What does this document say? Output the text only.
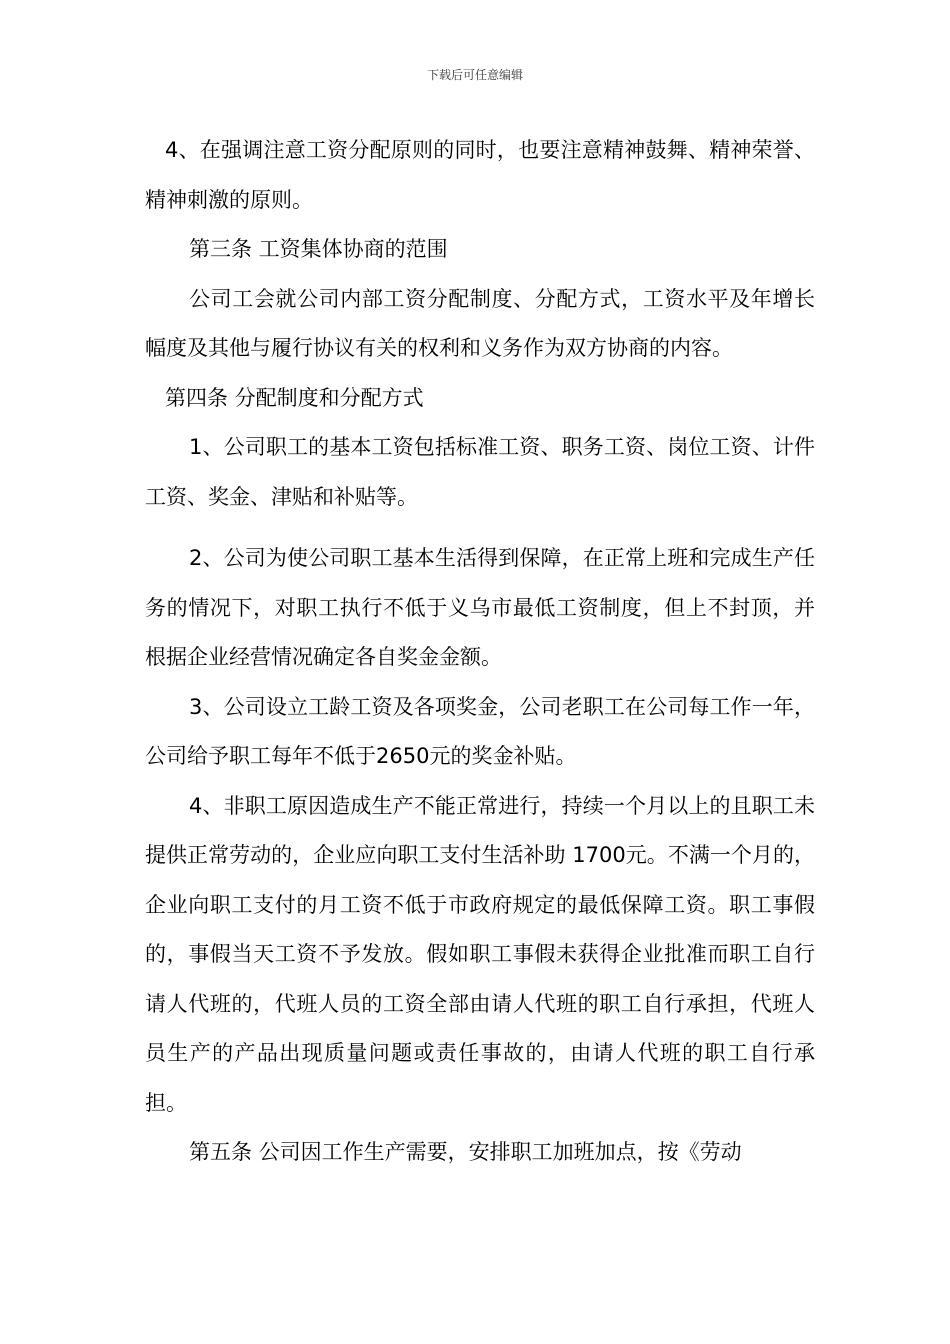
下载后可任意编辑

4、在强调注意工资分配原则的同时，也要注意精神鼓舞、精神荣誉、精神刺激的原则。

第三条 工资集体协商的范围

公司工会就公司内部工资分配制度、分配方式，工资水平及年增长幅度及其他与履行协议有关的权利和义务作为双方协商的内容。

第四条 分配制度和分配方式

1、公司职工的基本工资包括标准工资、职务工资、岗位工资、计件工资、奖金、津贴和补贴等。

2、公司为使公司职工基本生活得到保障，在正常上班和完成生产任务的情况下，对职工执行不低于义乌市最低工资制度，但上不封顶，并根据企业经营情况确定各自奖金金额。

3、公司设立工龄工资及各项奖金，公司老职工在公司每工作一年，公司给予职工每年不低于2650元的奖金补贴。

4、非职工原因造成生产不能正常进行，持续一个月以上的且职工未提供正常劳动的，企业应向职工支付生活补助 1700元。不满一个月的，企业向职工支付的月工资不低于市政府规定的最低保障工资。职工事假的，事假当天工资不予发放。假如职工事假未获得企业批准而职工自行请人代班的，代班人员的工资全部由请人代班的职工自行承担，代班人员生产的产品出现质量问题或责任事故的，由请人代班的职工自行承担。

第五条 公司因工作生产需要，安排职工加班加点，按《劳动
